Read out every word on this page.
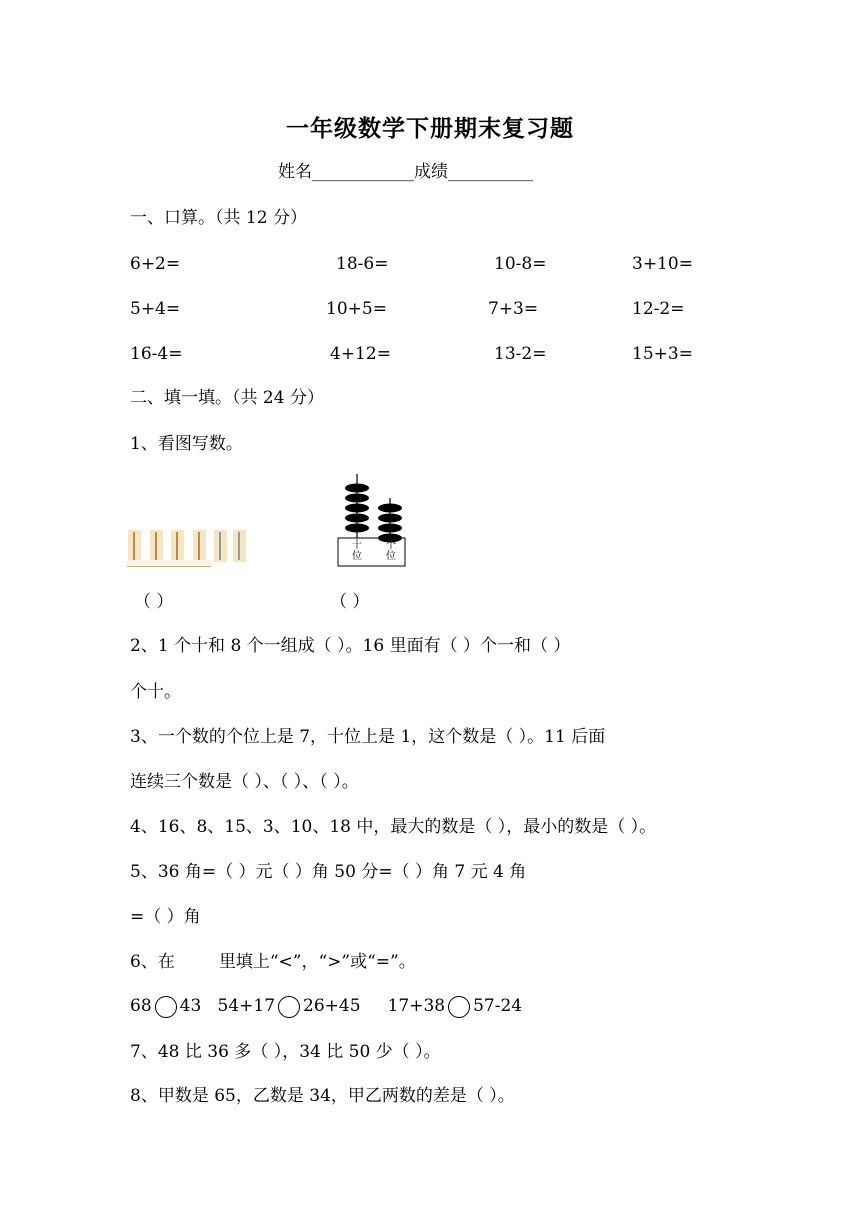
一年级数学下册期末复习题
姓名____________成绩__________
一、口算。（共 12 分）
6+2=	18-6=	10-8=	3+10=
5+4=	10+5=	7+3=	12-2=
16-4=	4+12=	13-2=	15+3=
二、填一填。（共 24 分）
1、看图写数。
十位
个位
（ ）	（ ）
2、1 个十和 8 个一组成（ ）。16 里面有（ ）个一和（ ）
个十。
3、一个数的个位上是 7，十位上是 1，这个数是（ ）。11 后面
连续三个数是（ ）、（ ）、（ ）。
4、16、8、15、3、10、18 中，最大的数是（ ），最小的数是（ ）。
5、36 角=（ ）元（ ）角 50 分=（ ）角 7 元 4 角
=（ ）角
6、在	里填上“<”，“>”或“=”。
68 43 54+17 26+45 17+38 57-24
7、48 比 36 多（ ），34 比 50 少（ ）。
8、甲数是 65，乙数是 34，甲乙两数的差是（ ）。
